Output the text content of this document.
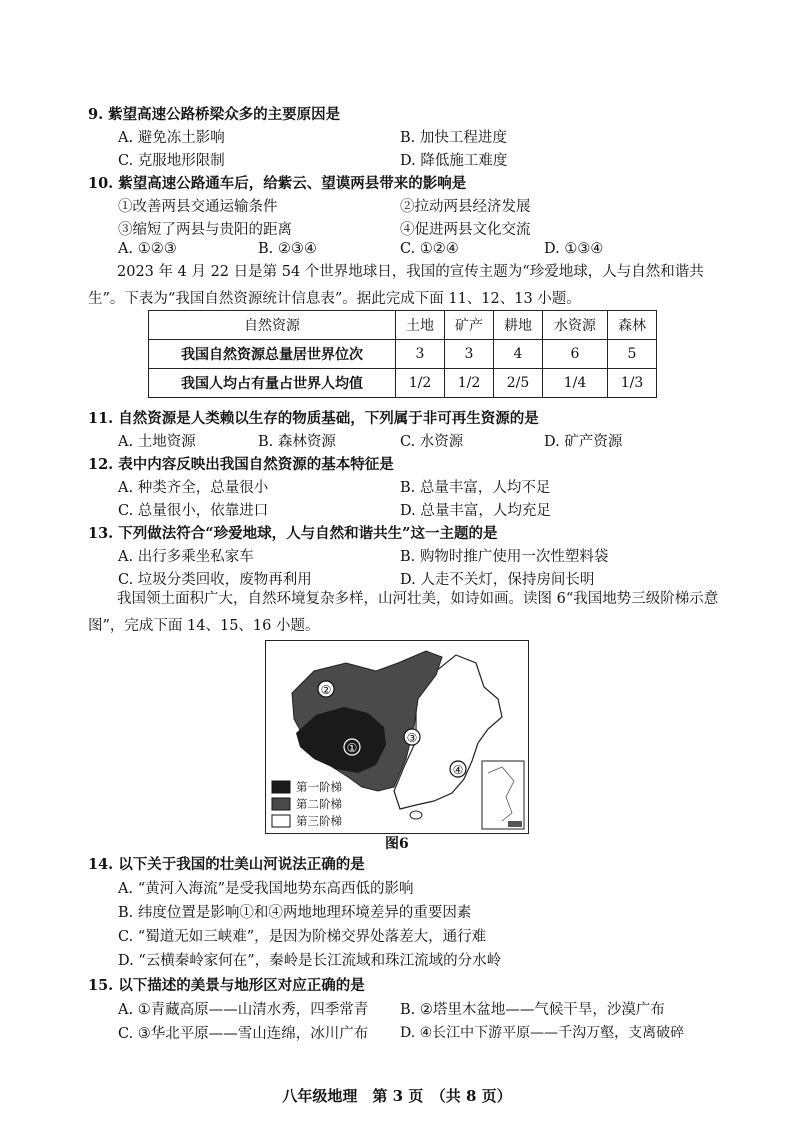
9. 紫望高速公路桥梁众多的主要原因是
A. 避免冻土影响	B. 加快工程进度
C. 克服地形限制	D. 降低施工难度
10. 紫望高速公路通车后，给紫云、望谟两县带来的影响是
①改善两县交通运输条件	②拉动两县经济发展
③缩短了两县与贵阳的距离	④促进两县文化交流
A. ①②③	B. ②③④	C. ①②④	D. ①③④
2023 年 4 月 22 日是第 54 个世界地球日，我国的宣传主题为“珍爱地球，人与自然和谐共生”。下表为“我国自然资源统计信息表”。据此完成下面 11、12、13 小题。
自然资源	土地	矿产	耕地	水资源	森林
我国自然资源总量居世界位次	3	3	4	6	5
我国人均占有量占世界人均值	1/2	1/2	2/5	1/4	1/3
11. 自然资源是人类赖以生存的物质基础，下列属于非可再生资源的是
A. 土地资源	B. 森林资源	C. 水资源	D. 矿产资源
12. 表中内容反映出我国自然资源的基本特征是
A. 种类齐全，总量很小	B. 总量丰富，人均不足
C. 总量很小，依靠进口	D. 总量丰富，人均充足
13. 下列做法符合“珍爱地球，人与自然和谐共生”这一主题的是
A. 出行多乘坐私家车	B. 购物时推广使用一次性塑料袋
C. 垃圾分类回收，废物再利用	D. 人走不关灯，保持房间长明
我国领土面积广大，自然环境复杂多样，山河壮美，如诗如画。读图 6“我国地势三级阶梯示意图”，完成下面 14、15、16 小题。
①
②
③
④
第一阶梯
第二阶梯
第三阶梯
图6
14. 以下关于我国的壮美山河说法正确的是
A. “黄河入海流”是受我国地势东高西低的影响
B. 纬度位置是影响①和④两地地理环境差异的重要因素
C. “蜀道无如三峡难”，是因为阶梯交界处落差大，通行难
D. “云横秦岭家何在”，秦岭是长江流域和珠江流域的分水岭
15. 以下描述的美景与地形区对应正确的是
A. ①青藏高原——山清水秀，四季常青 B. ②塔里木盆地——气候干旱，沙漠广布
C. ③华北平原——雪山连绵，冰川广布 D. ④长江中下游平原——千沟万壑，支离破碎
八年级地理　第 3 页　（共 8 页）
